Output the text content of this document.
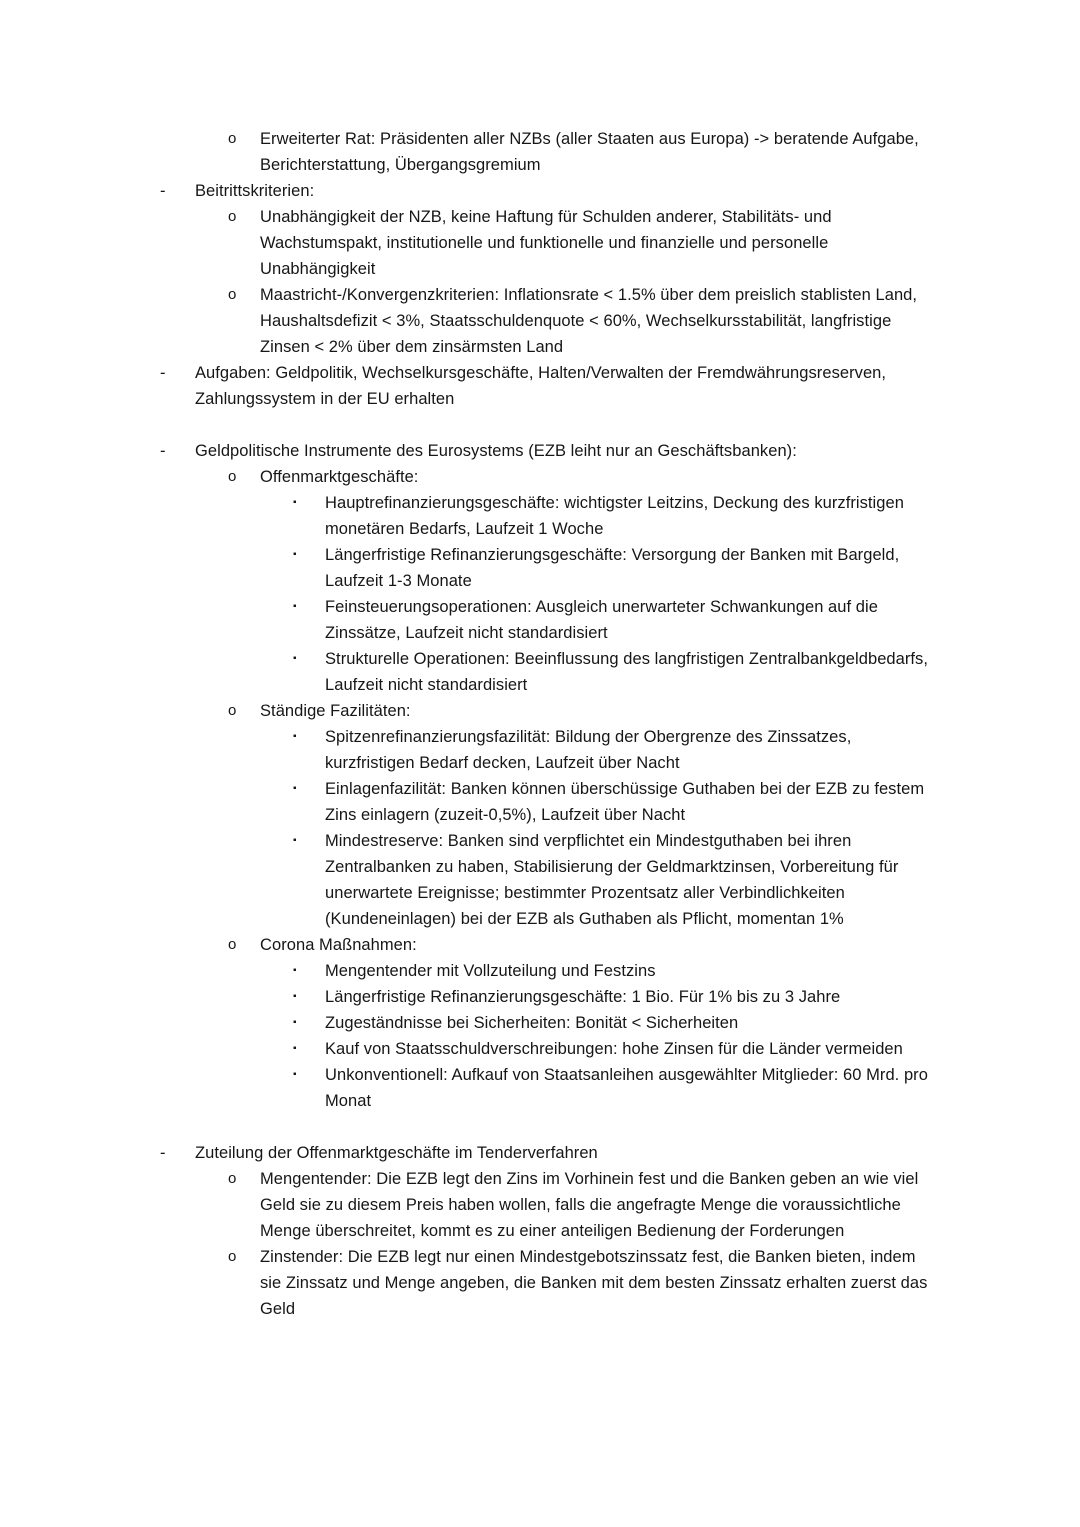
o	Erweiterter Rat: Präsidenten aller NZBs (aller Staaten aus Europa) -> beratende Aufgabe, Berichterstattung, Übergangsgremium
-	Beitrittskriterien:
o	Unabhängigkeit der NZB, keine Haftung für Schulden anderer, Stabilitäts- und Wachstumspakt, institutionelle und funktionelle und finanzielle und personelle Unabhängigkeit
o	Maastricht-/Konvergenzkriterien: Inflationsrate < 1.5% über dem preislich stablisten Land, Haushaltsdefizit < 3%, Staatsschuldenquote < 60%, Wechselkursstabilität, langfristige Zinsen < 2% über dem zinsärmsten Land
-	Aufgaben: Geldpolitik, Wechselkursgeschäfte, Halten/Verwalten der Fremdwährungsreserven, Zahlungssystem in der EU erhalten
-	Geldpolitische Instrumente des Eurosystems (EZB leiht nur an Geschäftsbanken):
o	Offenmarktgeschäfte:
▪	Hauptrefinanzierungsgeschäfte: wichtigster Leitzins, Deckung des kurzfristigen monetären Bedarfs, Laufzeit 1 Woche
▪	Längerfristige Refinanzierungsgeschäfte: Versorgung der Banken mit Bargeld, Laufzeit 1-3 Monate
▪	Feinsteuerungsoperationen: Ausgleich unerwarteter Schwankungen auf die Zinssätze, Laufzeit nicht standardisiert
▪	Strukturelle Operationen: Beeinflussung des langfristigen Zentralbankgeldbedarfs, Laufzeit nicht standardisiert
o	Ständige Fazilitäten:
▪	Spitzenrefinanzierungsfazilität: Bildung der Obergrenze des Zinssatzes, kurzfristigen Bedarf decken, Laufzeit über Nacht
▪	Einlagenfazilität: Banken können überschüssige Guthaben bei der EZB zu festem Zins einlagern (zuzeit-0,5%), Laufzeit über Nacht
▪	Mindestreserve: Banken sind verpflichtet ein Mindestguthaben bei ihren Zentralbanken zu haben, Stabilisierung der Geldmarktzinsen, Vorbereitung für unerwartete Ereignisse; bestimmter Prozentsatz aller Verbindlichkeiten (Kundeneinlagen) bei der EZB als Guthaben als Pflicht, momentan 1%
o	Corona Maßnahmen:
▪	Mengentender mit Vollzuteilung und Festzins
▪	Längerfristige Refinanzierungsgeschäfte: 1 Bio. Für 1% bis zu 3 Jahre
▪	Zugeständnisse bei Sicherheiten: Bonität < Sicherheiten
▪	Kauf von Staatsschuldverschreibungen: hohe Zinsen für die Länder vermeiden
▪	Unkonventionell: Aufkauf von Staatsanleihen ausgewählter Mitglieder: 60 Mrd. pro Monat
-	Zuteilung der Offenmarktgeschäfte im Tenderverfahren
o	Mengentender: Die EZB legt den Zins im Vorhinein fest und die Banken geben an wie viel Geld sie zu diesem Preis haben wollen, falls die angefragte Menge die voraussichtliche Menge überschreitet, kommt es zu einer anteiligen Bedienung der Forderungen
o	Zinstender: Die EZB legt nur einen Mindestgebotszinssatz fest, die Banken bieten, indem sie Zinssatz und Menge angeben, die Banken mit dem besten Zinssatz erhalten zuerst das Geld
